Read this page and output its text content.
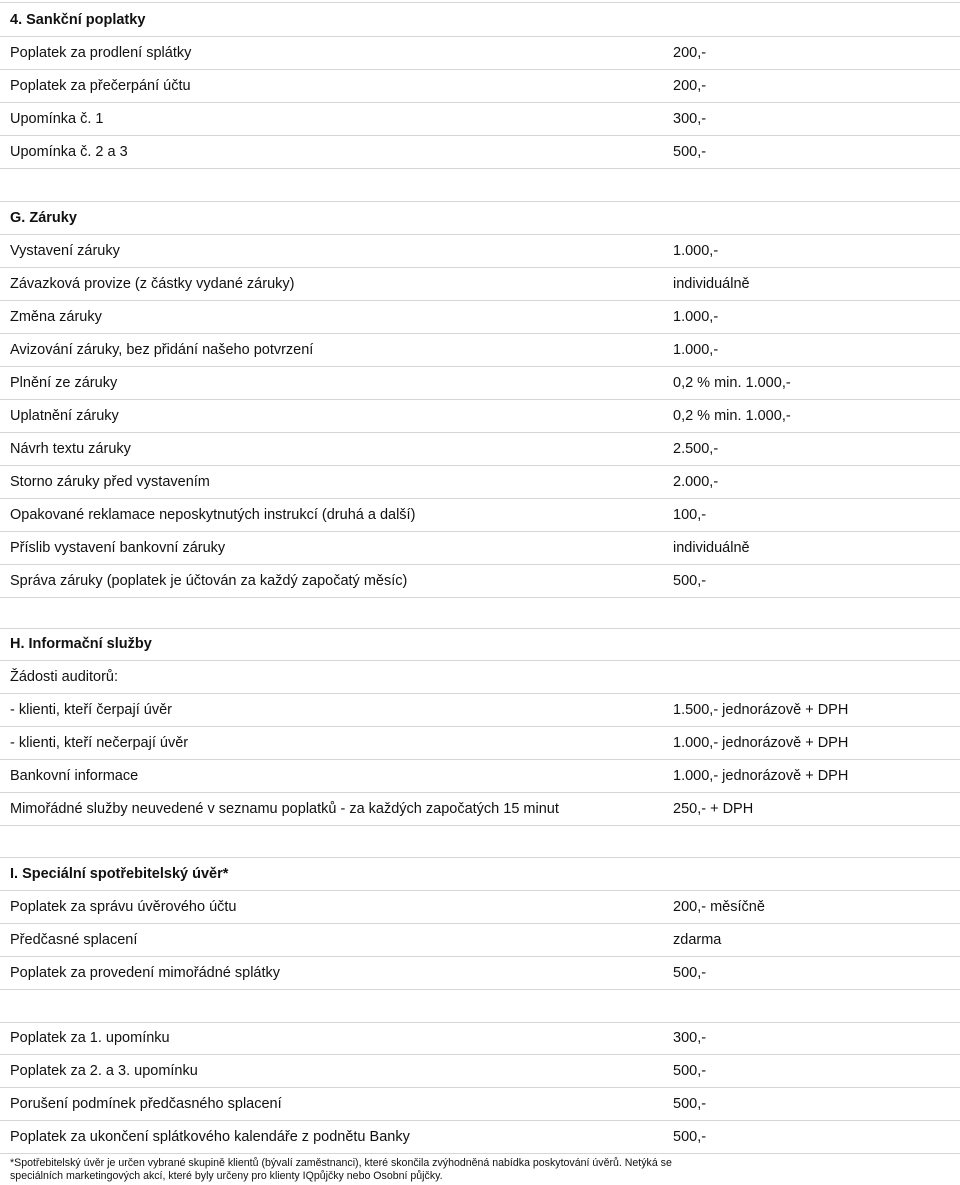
4. Sankční poplatky
Poplatek za prodlení splátky	200,-
Poplatek za přečerpání účtu	200,-
Upomínka č. 1	300,-
Upomínka č. 2 a 3	500,-
G. Záruky
Vystavení záruky	1.000,-
Závazková provize (z částky vydané záruky)	individuálně
Změna záruky	1.000,-
Avizování záruky, bez přidání našeho potvrzení	1.000,-
Plnění ze záruky	0,2 % min. 1.000,-
Uplatnění záruky	0,2 % min. 1.000,-
Návrh textu záruky	2.500,-
Storno záruky před vystavením	2.000,-
Opakované reklamace neposkytnutých instrukcí (druhá a další)	100,-
Příslib vystavení bankovní záruky	individuálně
Správa záruky (poplatek je účtován za každý započatý měsíc)	500,-
H. Informační služby
Žádosti auditorů:
- klienti, kteří čerpají úvěr	1.500,- jednorázově + DPH
- klienti, kteří nečerpají úvěr	1.000,- jednorázově + DPH
Bankovní informace	1.000,- jednorázově + DPH
Mimořádné služby neuvedené v seznamu poplatků - za každých započatých 15 minut	250,- + DPH
I. Speciální spotřebitelský úvěr*
Poplatek za správu úvěrového účtu	200,- měsíčně
Předčasné splacení	zdarma
Poplatek za provedení mimořádné splátky	500,-
Poplatek za 1. upomínku	300,-
Poplatek za 2. a 3. upomínku	500,-
Porušení podmínek předčasného splacení	500,-
Poplatek za ukončení splátkového kalendáře z podnětu Banky	500,-
*Spotřebitelský úvěr je určen vybrané skupině klientů (bývalí zaměstnanci), které skončila zvýhodněná nabídka poskytování úvěrů. Netýká se speciálních marketingových akcí, které byly určeny pro klienty IQpůjčky nebo Osobní půjčky.
